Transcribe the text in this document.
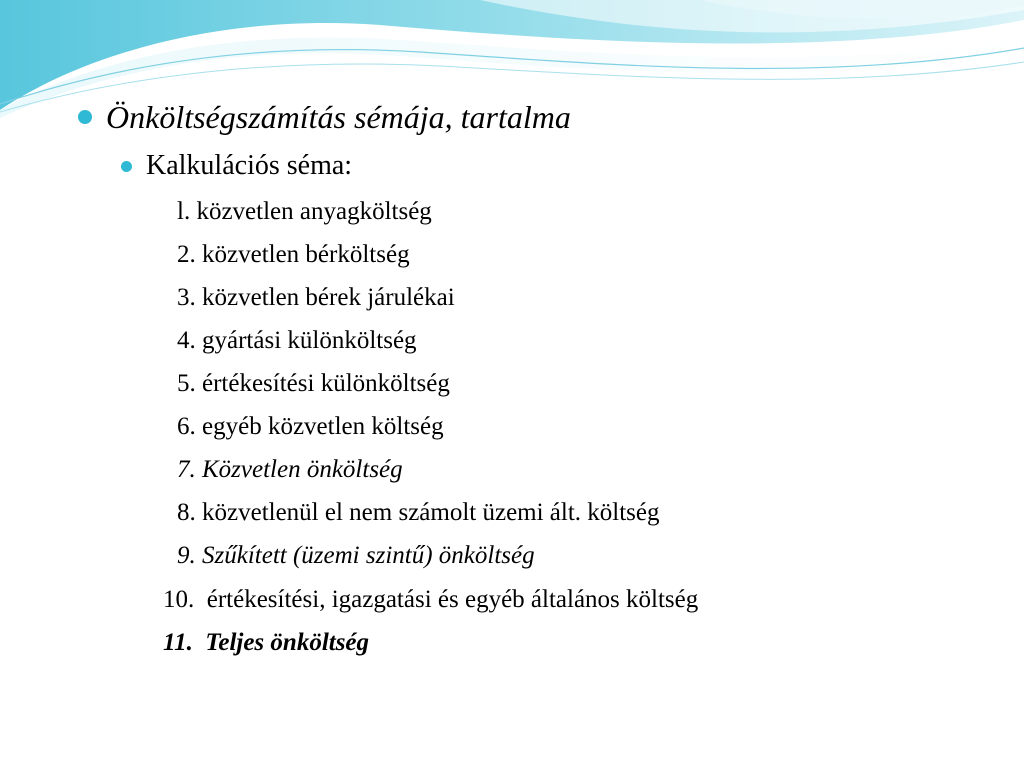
Önköltségszámítás sémája, tartalma
Kalkulációs séma:
l. közvetlen anyagköltség
2. közvetlen bérköltség
3. közvetlen bérek járulékai
4. gyártási különköltség
5. értékesítési különköltség
6. egyéb közvetlen költség
7. Közvetlen önköltség
8. közvetlenül el nem számolt üzemi ált. költség
9. Szűkített (üzemi szintű) önköltség
10.  értékesítési, igazgatási és egyéb általános költség
11.  Teljes önköltség
